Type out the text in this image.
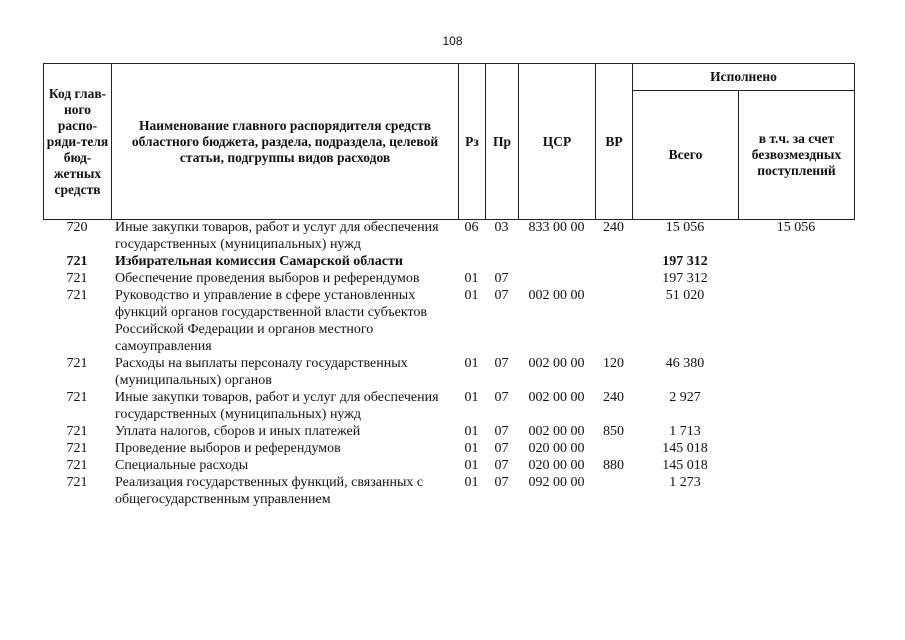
108
Код глав-ного распо-ряди-теля бюд-жетных средств	Наименование главного распорядителя средств областного бюджета, раздела, подраздела, целевой статьи, подгруппы видов расходов	Рз	Пр	ЦСР	ВР	Исполнено	
						Всего	в т.ч. за счет безвозмездных поступлений
720	Иные закупки товаров, работ и услуг для обеспечения государственных (муниципальных) нужд	06	03	833 00 00	240	15 056	15 056
721	Избирательная комиссия Самарской области					197 312	
721	Обеспечение проведения выборов и референдумов	01	07			197 312	
721	Руководство и управление в сфере установленных функций органов государственной власти субъектов Российской Федерации и органов местного самоуправления	01	07	002 00 00		51 020	
721	Расходы на выплаты персоналу государственных (муниципальных) органов	01	07	002 00 00	120	46 380	
721	Иные закупки товаров, работ и услуг для обеспечения государственных (муниципальных) нужд	01	07	002 00 00	240	2 927	
721	Уплата налогов, сборов и иных платежей	01	07	002 00 00	850	1 713	
721	Проведение выборов и референдумов	01	07	020 00 00		145 018	
721	Специальные расходы	01	07	020 00 00	880	145 018	
721	Реализация государственных функций, связанных с общегосударственным управлением	01	07	092 00 00		1 273	
